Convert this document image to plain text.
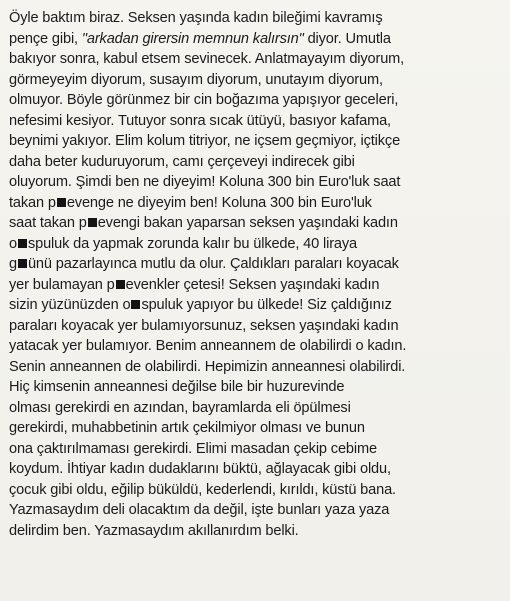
Öyle baktım biraz. Seksen yaşında kadın bileğimi kavramış
pençe gibi, "arkadan girersin memnun kalırsın" diyor. Umutla
bakıyor sonra, kabul etsem sevinecek. Anlatmayayım diyorum,
görmeyeyim diyorum, susayım diyorum, unutayım diyorum,
olmuyor. Böyle görünmez bir cin boğazıma yapışıyor geceleri,
nefesimi kesiyor. Tutuyor sonra sıcak ütüyü, basıyor kafama,
beynimi yakıyor. Elim kolum titriyor, ne içsem geçmiyor, içtikçe
daha beter kuduruyorum, camı çerçeveyi indirecek gibi
oluyorum. Şimdi ben ne diyeyim! Koluna 300 bin Euro'luk saat
takan p evenge ne diyeyim ben! Koluna 300 bin Euro'luk
saat takan p evengi bakan yaparsan seksen yaşındaki kadın
o spuluk da yapmak zorunda kalır bu ülkede, 40 liraya
g ünü pazarlayınca mutlu da olur. Çaldıkları paraları koyacak
yer bulamayan p evenkler çetesi! Seksen yaşındaki kadın
sizin yüzünüzden o spuluk yapıyor bu ülkede! Siz çaldığınız
paraları koyacak yer bulamıyorsunuz, seksen yaşındaki kadın
yatacak yer bulamıyor. Benim anneannem de olabilirdi o kadın.
Senin anneannen de olabilirdi. Hepimizin anneannesi olabilirdi.
Hiç kimsenin anneannesi değilse bile bir huzurevinde
olması gerekirdi en azından, bayramlarda eli öpülmesi
gerekirdi, muhabbetinin artık çekilmiyor olması ve bunun
ona çaktırılmaması gerekirdi. Elimi masadan çekip cebime
koydum. İhtiyar kadın dudaklarını büktü, ağlayacak gibi oldu,
çocuk gibi oldu, eğilip büküldü, kederlendi, kırıldı, küstü bana.
Yazmasaydım deli olacaktım da değil, işte bunları yaza yaza
delirdim ben. Yazmasaydım akıllanırdım belki.
